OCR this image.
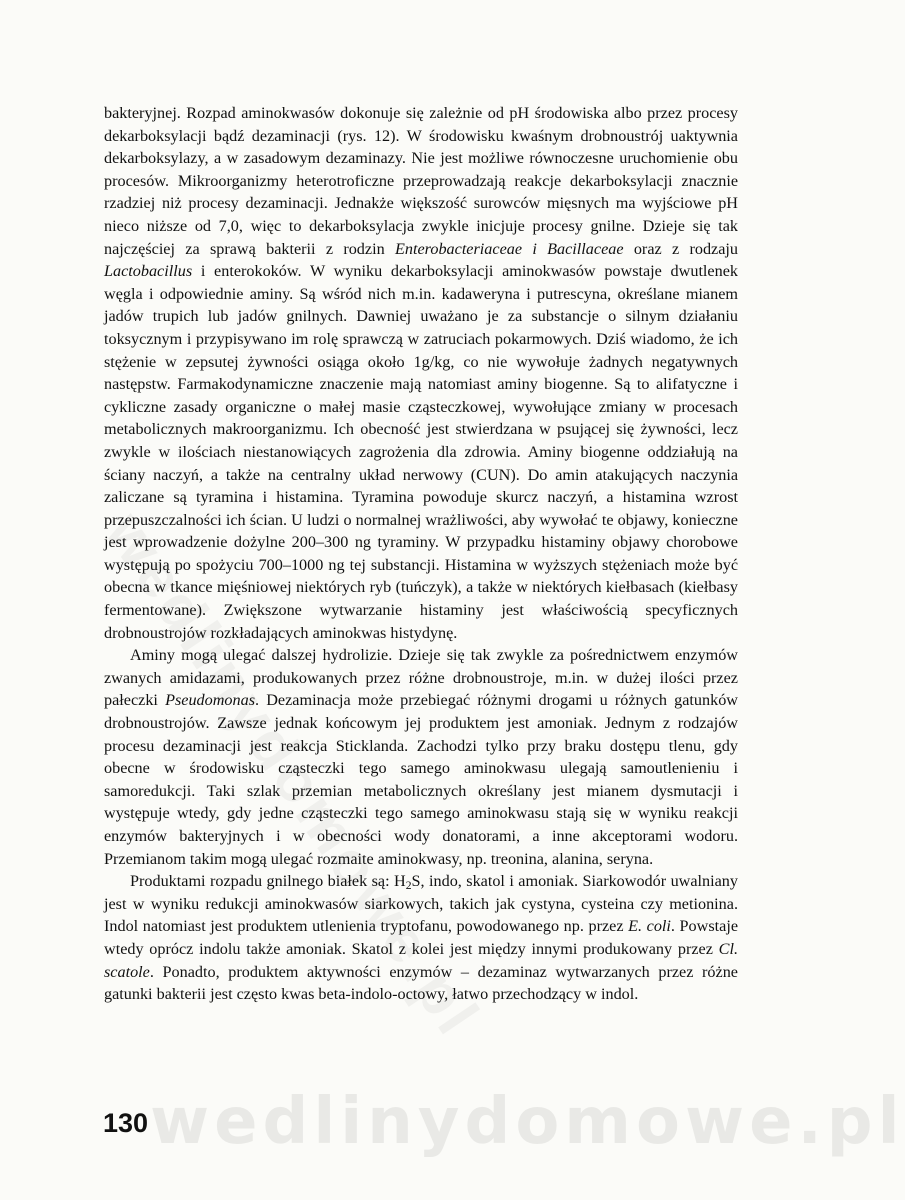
bakteryjnej. Rozpad aminokwasów dokonuje się zależnie od pH środowiska albo przez procesy dekarboksylacji bądź dezaminacji (rys. 12). W środowisku kwaśnym drobnoustrój uaktywnia dekarboksylazy, a w zasadowym dezaminazy. Nie jest możliwe równoczesne uruchomienie obu procesów. Mikroorganizmy heterotroficzne przeprowadzają reakcje dekarboksylacji znacznie rzadziej niż procesy dezaminacji. Jednakże większość surowców mięsnych ma wyjściowe pH nieco niższe od 7,0, więc to dekarboksylacja zwykle inicjuje procesy gnilne. Dzieje się tak najczęściej za sprawą bakterii z rodzin Enterobacteriaceae i Bacillaceae oraz z rodzaju Lactobacillus i enterokoków. W wyniku dekarboksylacji aminokwasów powstaje dwutlenek węgla i odpowiednie aminy. Są wśród nich m.in. kadaweryna i putrescyna, określane mianem jadów trupich lub jadów gnilnych. Dawniej uważano je za substancje o silnym działaniu toksycznym i przypisywano im rolę sprawczą w zatruciach pokarmowych. Dziś wiadomo, że ich stężenie w zepsutej żywności osiąga około 1g/kg, co nie wywołuje żadnych negatywnych następstw. Farmakodynamiczne znaczenie mają natomiast aminy biogenne. Są to alifatyczne i cykliczne zasady organiczne o małej masie cząsteczkowej, wywołujące zmiany w procesach metabolicznych makroorganizmu. Ich obecność jest stwierdzana w psującej się żywności, lecz zwykle w ilościach niestanowiących zagrożenia dla zdrowia. Aminy biogenne oddziałują na ściany naczyń, a także na centralny układ nerwowy (CUN). Do amin atakujących naczynia zaliczane są tyramina i histamina. Tyramina powoduje skurcz naczyń, a histamina wzrost przepuszczalności ich ścian. U ludzi o normalnej wrażliwości, aby wywołać te objawy, konieczne jest wprowadzenie dożylne 200–300 ng tyraminy. W przypadku histaminy objawy chorobowe występują po spożyciu 700–1000 ng tej substancji. Histamina w wyższych stężeniach może być obecna w tkance mięśniowej niektórych ryb (tuńczyk), a także w niektórych kiełbasach (kiełbasy fermentowane). Zwiększone wytwarzanie histaminy jest właściwością specyficznych drobnoustrojów rozkładających aminokwas histydynę.

Aminy mogą ulegać dalszej hydrolizie. Dzieje się tak zwykle za pośrednictwem enzymów zwanych amidazami, produkowanych przez różne drobnoustroje, m.in. w dużej ilości przez pałeczki Pseudomonas. Dezaminacja może przebiegać różnymi drogami u różnych gatunków drobnoustrojów. Zawsze jednak końcowym jej produktem jest amoniak. Jednym z rodzajów procesu dezaminacji jest reakcja Sticklanda. Zachodzi tylko przy braku dostępu tlenu, gdy obecne w środowisku cząsteczki tego samego aminokwasu ulegają samoutlenieniu i samoredukcji. Taki szlak przemian metabolicznych określany jest mianem dysmutacji i występuje wtedy, gdy jedne cząsteczki tego samego aminokwasu stają się w wyniku reakcji enzymów bakteryjnych i w obecności wody donatorami, a inne akceptorami wodoru. Przemianom takim mogą ulegać rozmaite aminokwasy, np. treonina, alanina, seryna.

Produktami rozpadu gnilnego białek są: $H_2S$, indo, skatol i amoniak. Siarkowodór uwalniany jest w wyniku redukcji aminokwasów siarkowych, takich jak cystyna, cysteina czy metionina. Indol natomiast jest produktem utlenienia tryptofanu, powodowanego np. przez E. coli. Powstaje wtedy oprócz indolu także amoniak. Skatol z kolei jest między innymi produkowany przez Cl. scatole. Ponadto, produktem aktywności enzymów – dezaminaz wytwarzanych przez różne gatunki bakterii jest często kwas beta-indolo-octowy, łatwo przechodzący w indol.

wedlinydomowe.pl
130
